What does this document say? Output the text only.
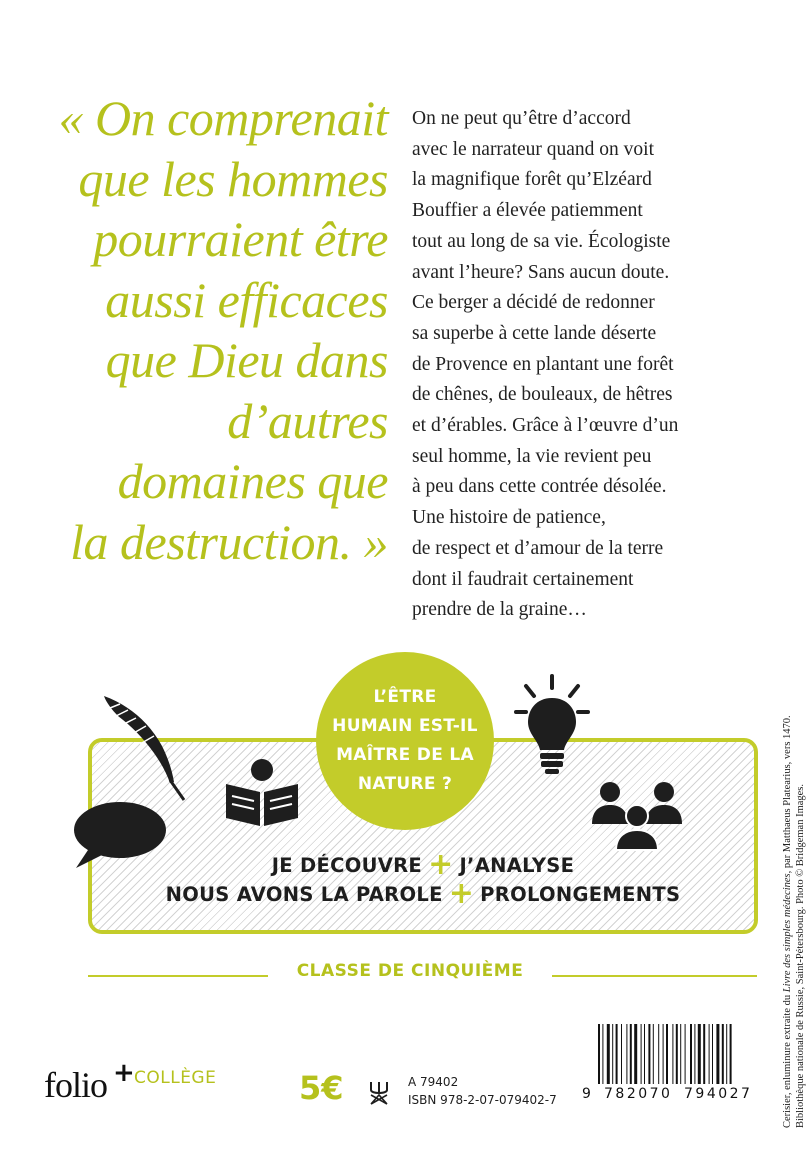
« On comprenait
que les hommes
pourraient être
aussi efficaces
que Dieu dans
d’autres
domaines que
la destruction. »
On ne peut qu’être d’accord
avec le narrateur quand on voit
la magnifique forêt qu’Elzéard
Bouffier a élevée patiemment
tout au long de sa vie. Écologiste
avant l’heure? Sans aucun doute.
Ce berger a décidé de redonner
sa superbe à cette lande déserte
de Provence en plantant une forêt
de chênes, de bouleaux, de hêtres
et d’érables. Grâce à l’œuvre d’un
seul homme, la vie revient peu
à peu dans cette contrée désolée.
Une histoire de patience,
de respect et d’amour de la terre
dont il faudrait certainement
prendre de la graine…
L’ÊTRE
HUMAIN EST-IL
MAÎTRE DE LA
NATURE ?
JE DÉCOUVRE + J’ANALYSE
NOUS AVONS LA PAROLE + PROLONGEMENTS
CLASSE DE CINQUIÈME
Cerisier, enluminure extraite du Livre des simples médecines, par Matthaeus Platearius, vers 1470. Bibliothèque nationale de Russie, Saint-Pétersbourg. Photo © Bridgeman Images.
folio + COLLÈGE	5€	A 79402
ISBN 978-2-07-079402-7 9 782070 794027
